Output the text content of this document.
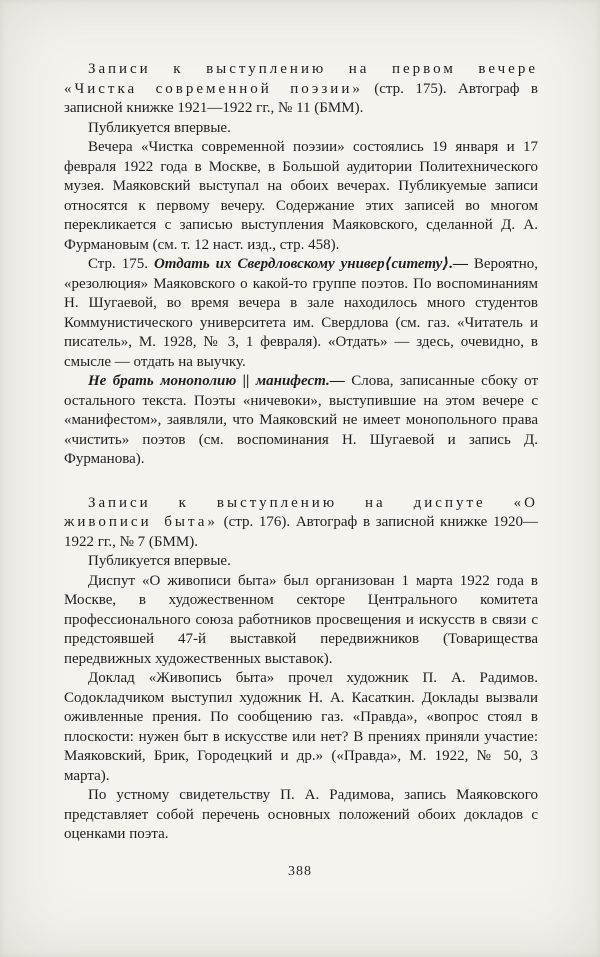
Записи к выступлению на первом вечере «Чистка современной поэзии» (стр. 175). Автограф в записной книжке 1921—1922 гг., № 11 (БММ).

Публикуется впервые.

Вечера «Чистка современной поэзии» состоялись 19 января и 17 февраля 1922 года в Москве, в Большой аудитории Политехнического музея. Маяковский выступал на обоих вечерах. Публикуемые записи относятся к первому вечеру. Содержание этих записей во многом перекликается с записью выступления Маяковского, сделанной Д. А. Фурмановым (см. т. 12 наст. изд., стр. 458).

Стр. 175. Отдать их Свердловскому универ⟨ситету⟩.— Вероятно, «резолюция» Маяковского о какой-то группе поэтов. По воспоминаниям Н. Шугаевой, во время вечера в зале находилось много студентов Коммунистического университета им. Свердлова (см. газ. «Читатель и писатель», М. 1928, № 3, 1 февраля). «Отдать» — здесь, очевидно, в смысле — отдать на выучку.

Не брать монополию || манифест.— Слова, записанные сбоку от остального текста. Поэты «ничевоки», выступившие на этом вечере с «манифестом», заявляли, что Маяковский не имеет монопольного права «чистить» поэтов (см. воспоминания Н. Шугаевой и запись Д. Фурманова).

Записи к выступлению на диспуте «О живописи быта» (стр. 176). Автограф в записной книжке 1920—1922 гг., № 7 (БММ).

Публикуется впервые.

Диспут «О живописи быта» был организован 1 марта 1922 года в Москве, в художественном секторе Центрального комитета профессионального союза работников просвещения и искусств в связи с предстоявшей 47-й выставкой передвижников (Товарищества передвижных художественных выставок).

Доклад «Живопись быта» прочел художник П. А. Радимов. Содокладчиком выступил художник Н. А. Касаткин. Доклады вызвали оживленные прения. По сообщению газ. «Правда», «вопрос стоял в плоскости: нужен быт в искусстве или нет? В прениях приняли участие: Маяковский, Брик, Городецкий и др.» («Правда», М. 1922, № 50, 3 марта).

По устному свидетельству П. А. Радимова, запись Маяковского представляет собой перечень основных положений обоих докладов с оценками поэта.

388
